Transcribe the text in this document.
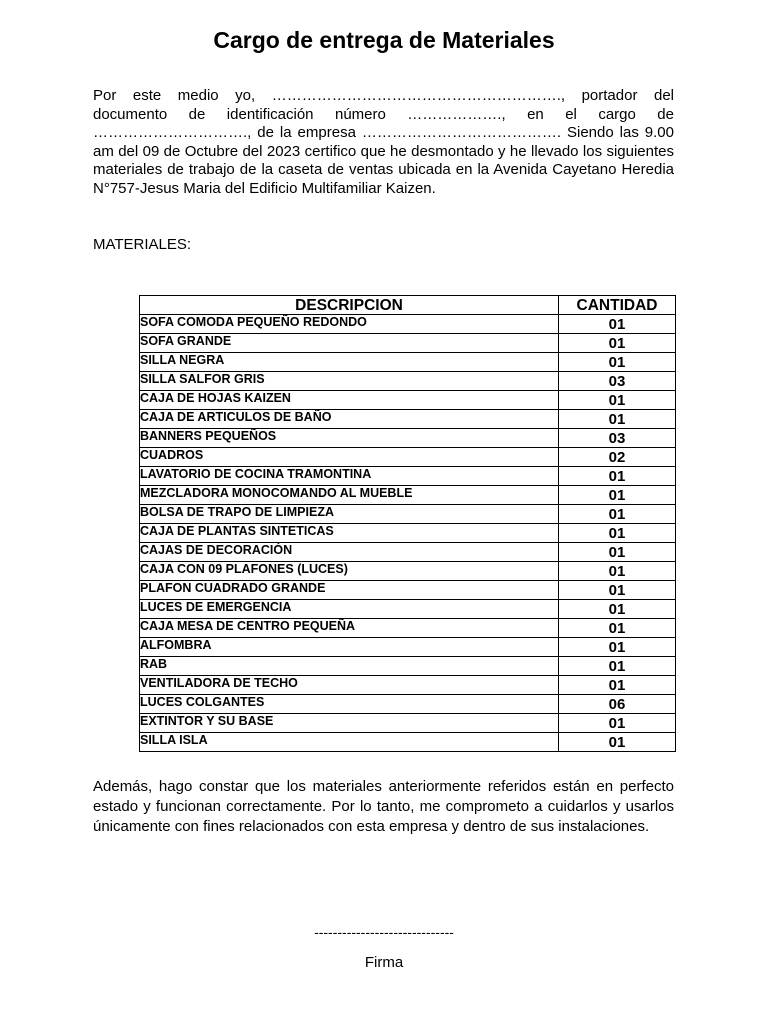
Cargo de entrega de Materiales

Por este medio yo, …………………………………………………., portador del documento de identificación número ………………., en el cargo de …………………………., de la empresa …………………………………. Siendo las 9.00 am del 09 de Octubre del 2023 certifico que he desmontado y he llevado los siguientes materiales de trabajo de la caseta de ventas ubicada en la Avenida Cayetano Heredia N°757-Jesus Maria del Edificio Multifamiliar Kaizen.

MATERIALES:

DESCRIPCION	CANTIDAD
SOFA COMODA PEQUEÑO REDONDO	01
SOFA GRANDE	01
SILLA NEGRA	01
SILLA SALFOR GRIS	03
CAJA DE HOJAS KAIZEN	01
CAJA DE ARTICULOS DE BAÑO	01
BANNERS PEQUEÑOS	03
CUADROS	02
LAVATORIO DE COCINA TRAMONTINA	01
MEZCLADORA MONOCOMANDO AL MUEBLE	01
BOLSA DE TRAPO DE LIMPIEZA	01
CAJA DE PLANTAS SINTETICAS	01
CAJAS DE DECORACIÓN	01
CAJA CON 09 PLAFONES (LUCES)	01
PLAFON CUADRADO GRANDE	01
LUCES DE EMERGENCIA	01
CAJA MESA DE CENTRO PEQUEÑA	01
ALFOMBRA	01
RAB	01
VENTILADORA DE TECHO	01
LUCES COLGANTES	06
EXTINTOR Y SU BASE	01
SILLA ISLA	01

Además, hago constar que los materiales anteriormente referidos están en perfecto estado y funcionan correctamente. Por lo tanto, me comprometo a cuidarlos y usarlos únicamente con fines relacionados con esta empresa y dentro de sus instalaciones.

------------------------------
Firma
